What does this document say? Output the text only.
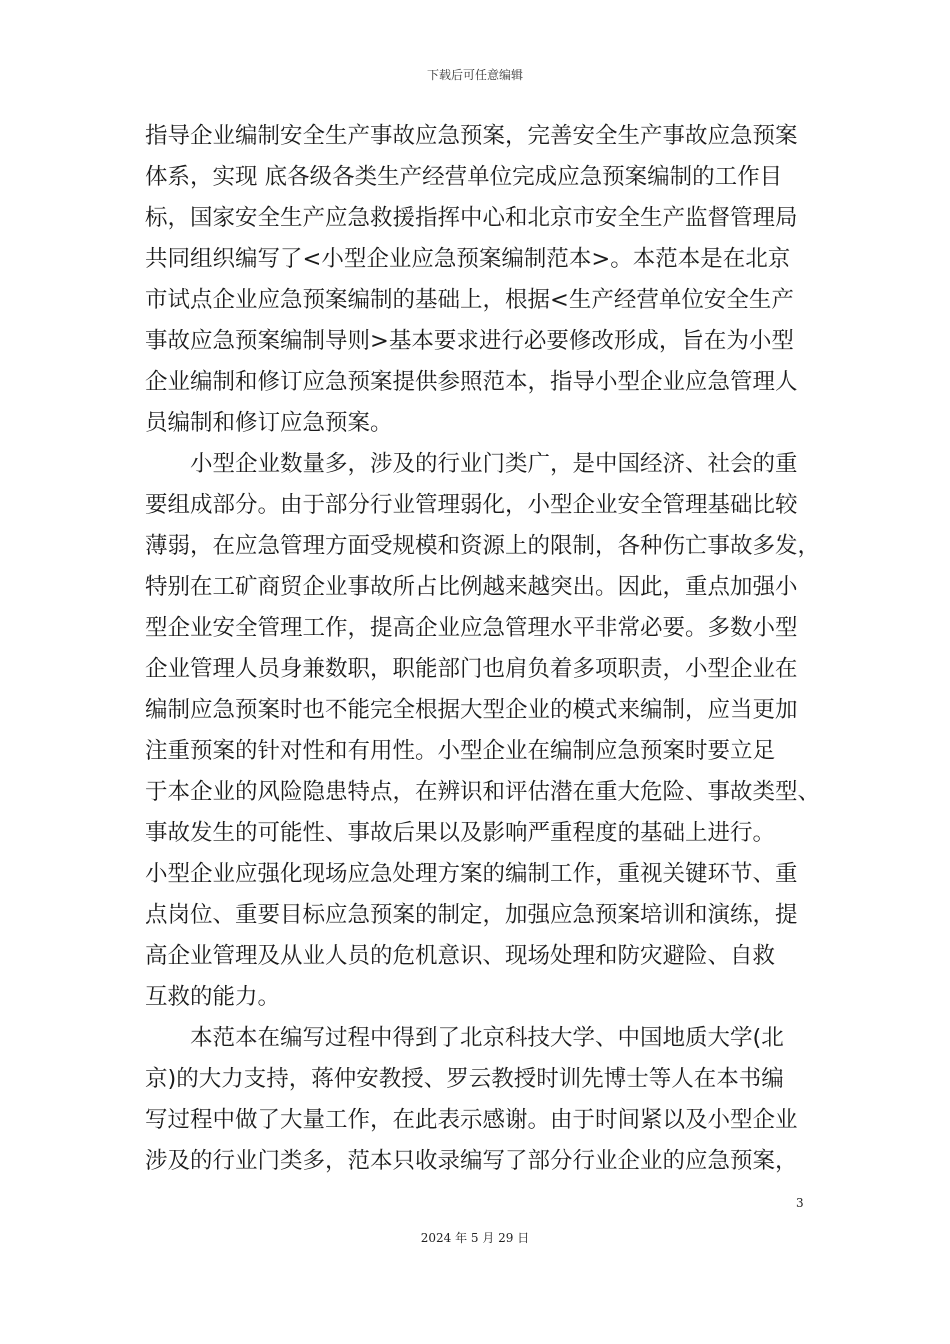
下载后可任意编辑
指导企业编制安全生产事故应急预案，完善安全生产事故应急预案
体系，实现 底各级各类生产经营单位完成应急预案编制的工作目
标，国家安全生产应急救援指挥中心和北京市安全生产监督管理局
共同组织编写了<小型企业应急预案编制范本>。本范本是在北京
市试点企业应急预案编制的基础上，根据<生产经营单位安全生产
事故应急预案编制导则>基本要求进行必要修改形成，旨在为小型
企业编制和修订应急预案提供参照范本，指导小型企业应急管理人
员编制和修订应急预案。
小型企业数量多，涉及的行业门类广，是中国经济、社会的重
要组成部分。由于部分行业管理弱化，小型企业安全管理基础比较
薄弱，在应急管理方面受规模和资源上的限制，各种伤亡事故多发，
特别在工矿商贸企业事故所占比例越来越突出。因此，重点加强小
型企业安全管理工作，提高企业应急管理水平非常必要。多数小型
企业管理人员身兼数职，职能部门也肩负着多项职责，小型企业在
编制应急预案时也不能完全根据大型企业的模式来编制，应当更加
注重预案的针对性和有用性。小型企业在编制应急预案时要立足
于本企业的风险隐患特点，在辨识和评估潜在重大危险、事故类型、
事故发生的可能性、事故后果以及影响严重程度的基础上进行。
小型企业应强化现场应急处理方案的编制工作，重视关键环节、重
点岗位、重要目标应急预案的制定，加强应急预案培训和演练，提
高企业管理及从业人员的危机意识、现场处理和防灾避险、自救
互救的能力。
本范本在编写过程中得到了北京科技大学、中国地质大学(北
京)的大力支持，蒋仲安教授、罗云教授时训先博士等人在本书编
写过程中做了大量工作，在此表示感谢。由于时间紧以及小型企业
涉及的行业门类多，范本只收录编写了部分行业企业的应急预案，
3
2024 年 5 月 29 日
